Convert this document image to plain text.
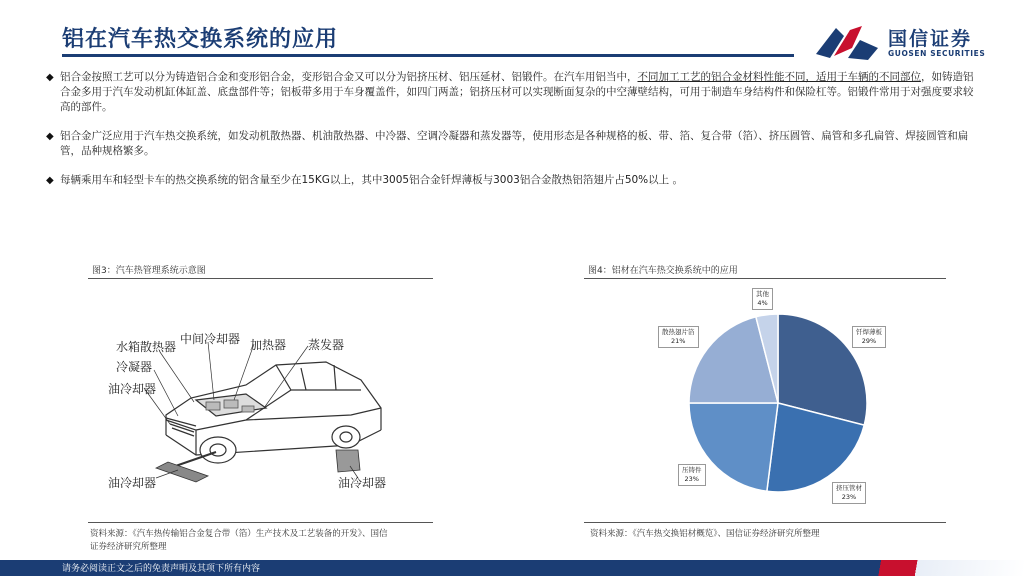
铝在汽车热交换系统的应用	国信证券
GUOSEN SECURITIES
◆ 铝合金按照工艺可以分为铸造铝合金和变形铝合金，变形铝合金又可以分为铝挤压材、铝压延材、铝锻件。在汽车用铝当中，不同加工工艺的铝合金材料性能不同，适用于车辆的不同部位，如铸造铝合金多用于汽车发动机缸体缸盖、底盘部件等；铝板带多用于车身覆盖件，如四门两盖；铝挤压材可以实现断面复杂的中空薄壁结构，可用于制造车身结构件和保险杠等。铝锻件常用于对强度要求较高的部件。
◆ 铝合金广泛应用于汽车热交换系统，如发动机散热器、机油散热器、中冷器、空调冷凝器和蒸发器等，使用形态是各种规格的板、带、箔、复合带（箔）、挤压圆管、扁管和多孔扁管、焊接圆管和扁管，品种规格繁多。
◆ 每辆乘用车和轻型卡车的热交换系统的铝含量至少在15KG以上，其中3005铝合金钎焊薄板与3003铝合金散热铝箔翅片占50%以上 。
图3：汽车热管理系统示意图
水箱散热器
中间冷却器 加热器 蒸发器
冷凝器
油冷却器
油冷却器	油冷却器
资料来源：《汽车热传输铝合金复合带（箔）生产技术及工艺装备的开发》、国信
证券经济研究所整理
图4：铝材在汽车热交换系统中的应用
钎焊薄板
29%
挤压管材
23%
压铸件
23%
散热翅片箔
21%
其他
4%
资料来源：《汽车热交换铝材概览》、国信证券经济研究所整理
请务必阅读正文之后的免责声明及其项下所有内容
